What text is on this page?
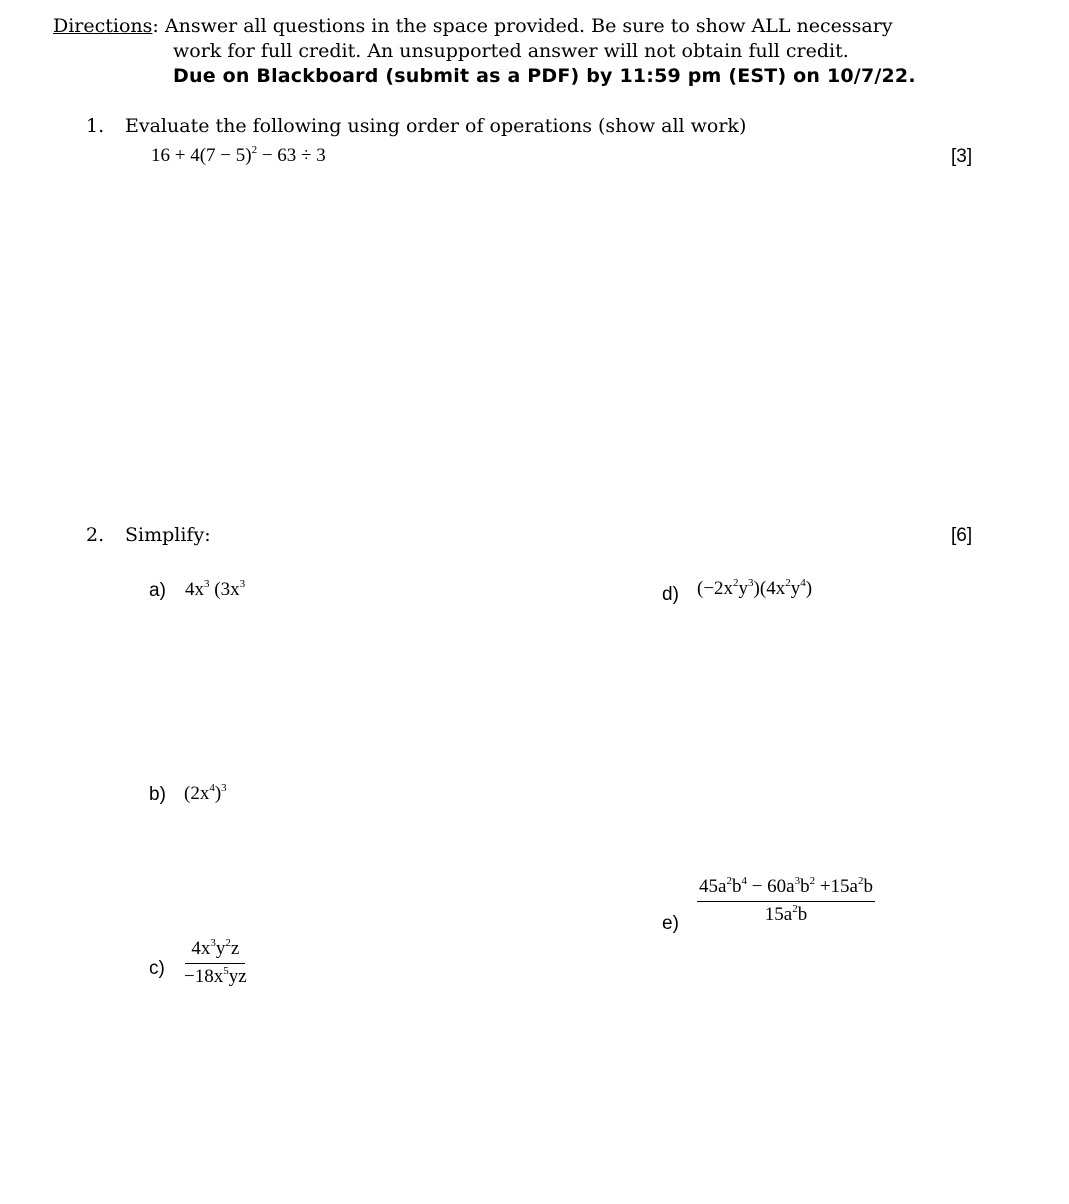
Directions: Answer all questions in the space provided. Be sure to show ALL necessary
work for full credit. An unsupported answer will not obtain full credit.
Due on Blackboard (submit as a PDF) by 11:59 pm (EST) on 10/7/22.
1. Evaluate the following using order of operations (show all work)
$16 + 4(7 - 5)^2 - 63 \div 3$	[3]
2. Simplify:	[6]
a) $4x^3$ ($3x^3$	d) $(-2x^2y^3)(4x^2y^4)$
b) $(2x^4)^3$
$e) \frac{45a^2b^4 - 60a^3b^2 +15a^2b}{15a^2b}$
$c) \frac{4x^3y^2z}{-18x^5yz}$
